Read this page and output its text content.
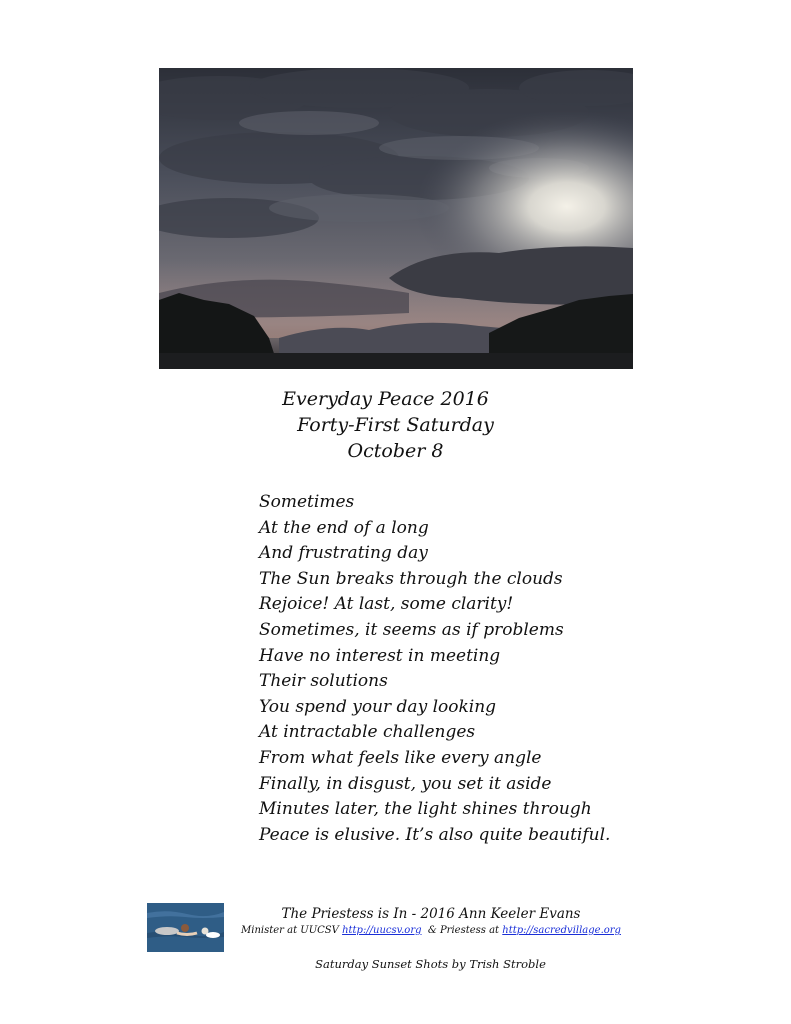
Everyday Peace 2016
Forty-First Saturday
October 8
Sometimes
At the end of a long
And frustrating day
The Sun breaks through the clouds
Rejoice! At last, some clarity!
Sometimes, it seems as if problems
Have no interest in meeting
Their solutions
You spend your day looking
At intractable challenges
From what feels like every angle
Finally, in disgust, you set it aside
Minutes later, the light shines through
Peace is elusive. It’s also quite beautiful.
The Priestess is In - 2016 Ann Keeler Evans
Minister at UUCSV http://uucsv.org & Priestess at http://sacredvillage.org
Saturday Sunset Shots by Trish Stroble
